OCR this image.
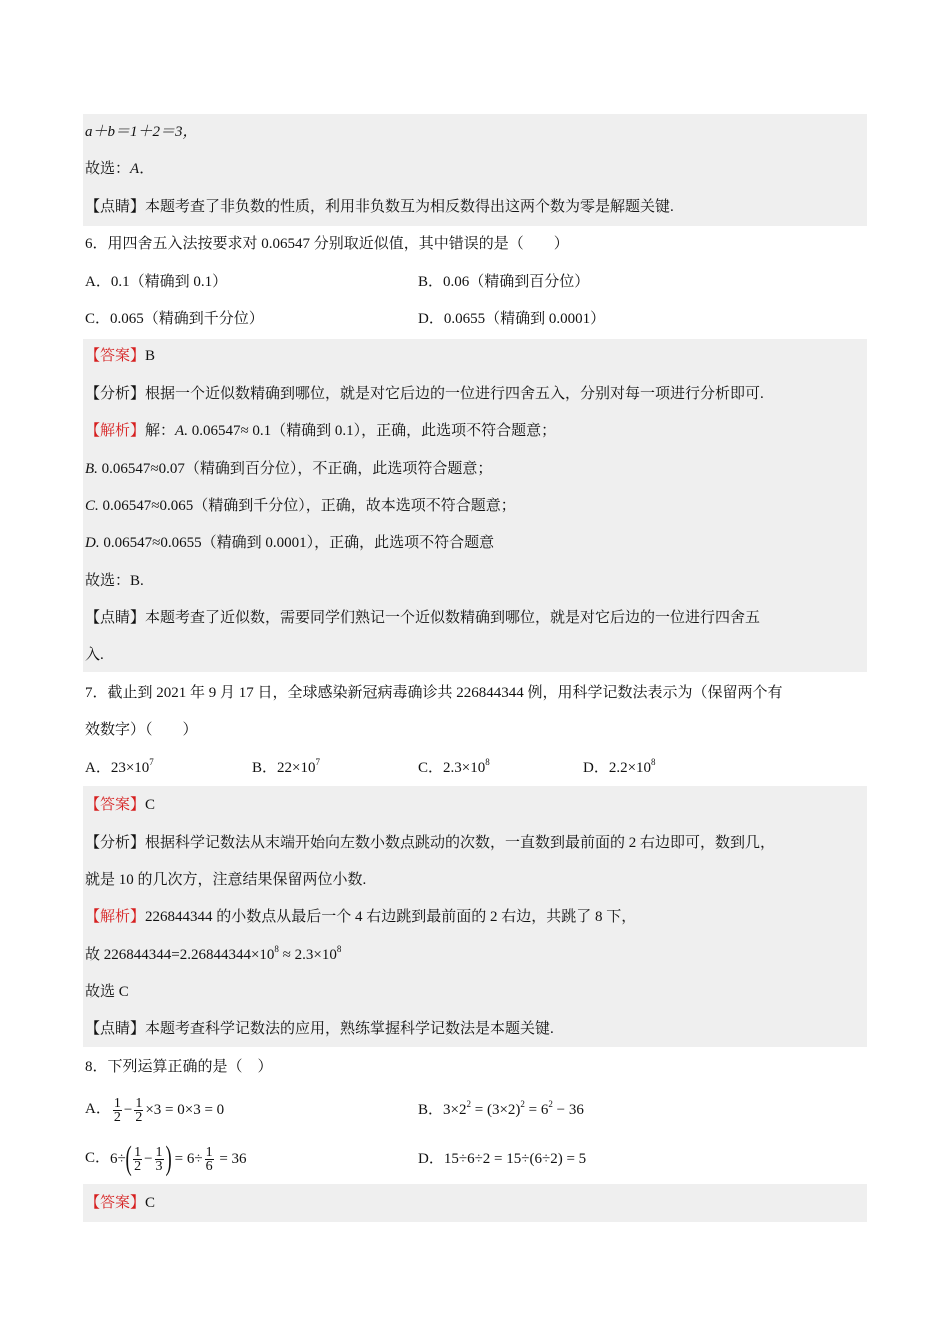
a＋b＝1＋2＝3，
故选：A．
【点睛】本题考查了非负数的性质，利用非负数互为相反数得出这两个数为零是解题关键.
6．用四舍五入法按要求对 0.06547 分别取近似值，其中错误的是（　　）
A．0.1（精确到 0.1）	B．0.06（精确到百分位）
C．0.065（精确到千分位）	D．0.0655（精确到 0.0001）
【答案】B
【分析】根据一个近似数精确到哪位，就是对它后边的一位进行四舍五入，分别对每一项进行分析即可.
【解析】解：A. 0.06547≈ 0.1（精确到 0.1），正确，此选项不符合题意；
B. 0.06547≈0.07（精确到百分位），不正确，此选项符合题意；
C. 0.06547≈0.065（精确到千分位），正确，故本选项不符合题意；
D. 0.06547≈0.0655（精确到 0.0001），正确，此选项不符合题意
故选：B.
【点睛】本题考查了近似数，需要同学们熟记一个近似数精确到哪位，就是对它后边的一位进行四舍五
入.
7．截止到 2021 年 9 月 17 日，全球感染新冠病毒确诊共 226844344 例，用科学记数法表示为（保留两个有
效数字）（　　）
A．$23\times 10^7$	B．$22\times 10^7$	C．$2.3\times 10^8$	D．$2.2\times 10^8$
【答案】C
【分析】根据科学记数法从末端开始向左数小数点跳动的次数，一直数到最前面的 2 右边即可，数到几，
就是 10 的几次方，注意结果保留两位小数.
【解析】226844344 的小数点从最后一个 4 右边跳到最前面的 2 右边，共跳了 8 下，
故 $226844344=2.26844344\times 10^8 \approx 2.3\times 10^8$
故选 C
【点睛】本题考查科学记数法的应用，熟练掌握科学记数法是本题关键.
8．下列运算正确的是（　）
A． $\frac{1}{2} - \frac{1}{2} \times 3 = 0\times 3 = 0$	B．$3\times 2^2 = (3\times 2)^2 = 6^2 - 36$
C．$6\div( \frac{1}{2} - \frac{1}{3}$ ) = $6\div \frac{1}{6} = 36$	D．15÷6÷2 = 15÷(6÷2) = 5
【答案】C
